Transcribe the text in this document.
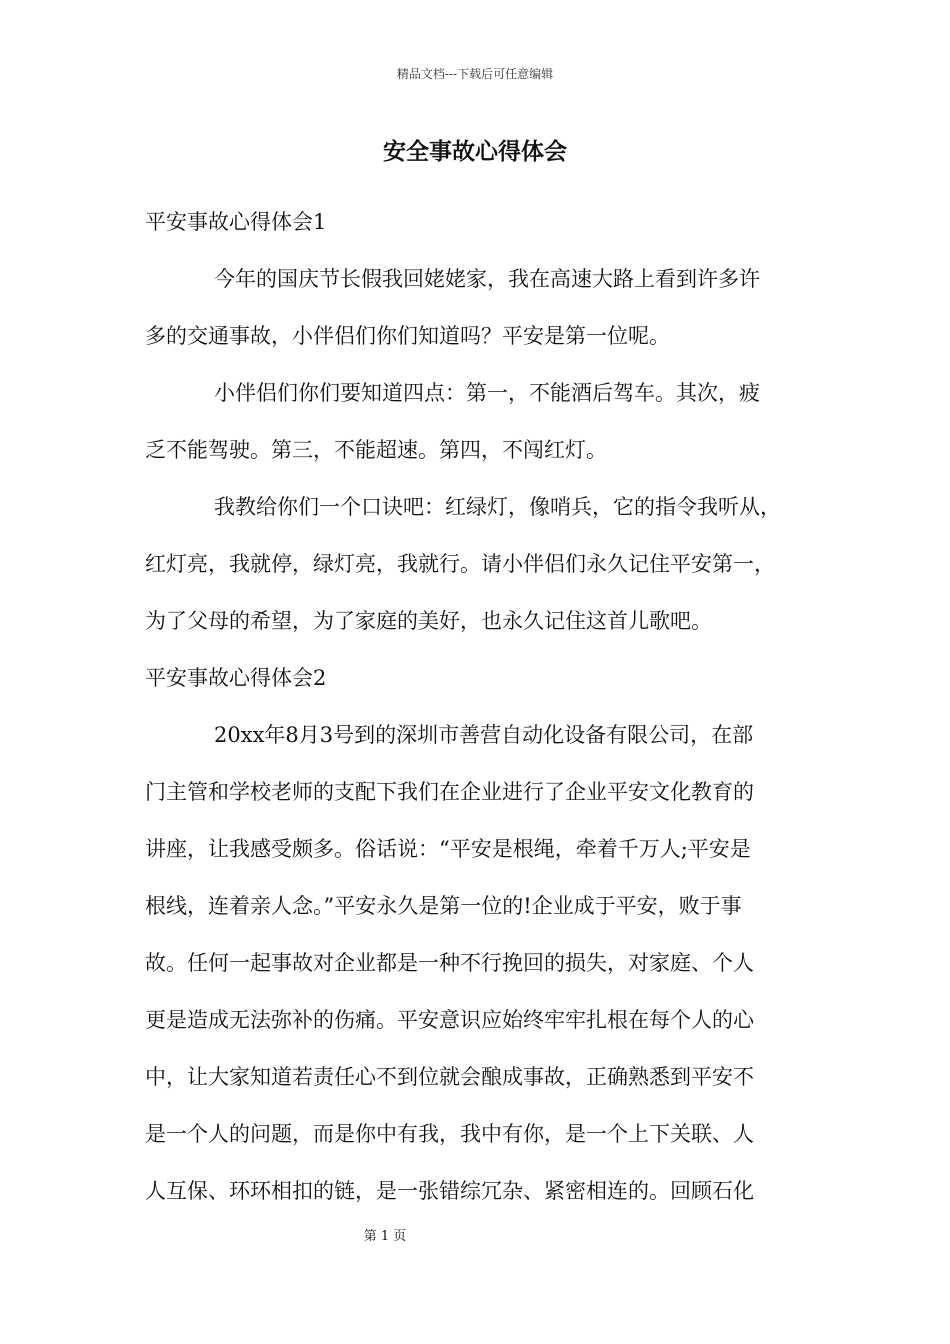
精品文档---下载后可任意编辑
安全事故心得体会
平安事故心得体会1
今年的国庆节长假我回姥姥家，我在高速大路上看到许多许
多的交通事故，小伴侣们你们知道吗？平安是第一位呢。
小伴侣们你们要知道四点：第一，不能酒后驾车。其次，疲
乏不能驾驶。第三，不能超速。第四，不闯红灯。
我教给你们一个口诀吧：红绿灯，像哨兵，它的指令我听从，
红灯亮，我就停，绿灯亮，我就行。请小伴侣们永久记住平安第一，
为了父母的希望，为了家庭的美好，也永久记住这首儿歌吧。
平安事故心得体会2
20xx年8月3号到的深圳市善营自动化设备有限公司，在部
门主管和学校老师的支配下我们在企业进行了企业平安文化教育的
讲座，让我感受颇多。俗话说：“平安是根绳，牵着千万人;平安是
根线，连着亲人念。”平安永久是第一位的!企业成于平安，败于事
故。任何一起事故对企业都是一种不行挽回的损失，对家庭、个人
更是造成无法弥补的伤痛。平安意识应始终牢牢扎根在每个人的心
中，让大家知道若责任心不到位就会酿成事故，正确熟悉到平安不
是一个人的问题，而是你中有我，我中有你，是一个上下关联、人
人互保、环环相扣的链，是一张错综冗杂、紧密相连的。回顾石化
第 1 页
